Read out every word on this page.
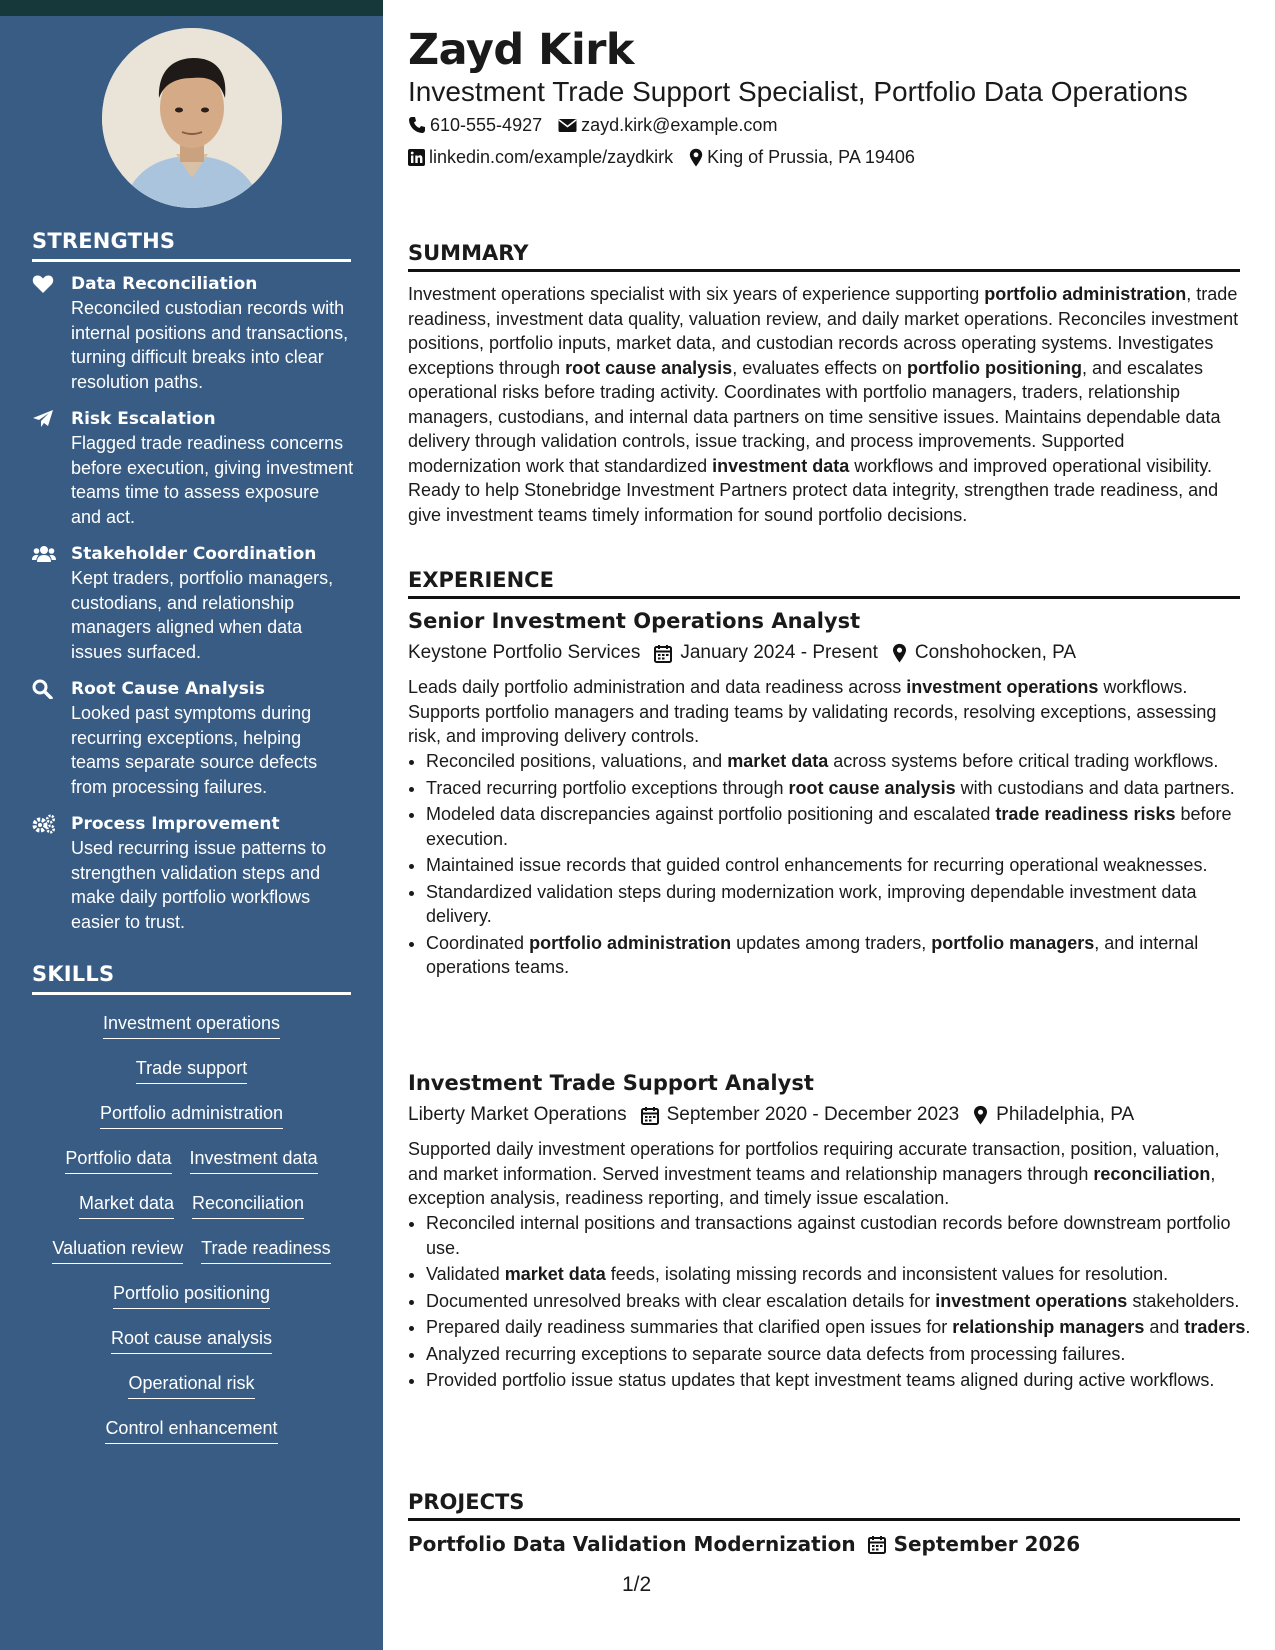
STRENGTHS
Data Reconciliation
Reconciled custodian records with internal positions and transactions, turning difficult breaks into clear resolution paths.
Risk Escalation
Flagged trade readiness concerns before execution, giving investment teams time to assess exposure and act.
Stakeholder Coordination
Kept traders, portfolio managers, custodians, and relationship managers aligned when data issues surfaced.
Root Cause Analysis
Looked past symptoms during recurring exceptions, helping teams separate source defects from processing failures.
Process Improvement
Used recurring issue patterns to strengthen validation steps and make daily portfolio workflows easier to trust.
SKILLS
Investment operations
Trade support
Portfolio administration
Portfolio data Investment data
Market data Reconciliation
Valuation review Trade readiness
Portfolio positioning
Root cause analysis
Operational risk
Control enhancement
Zayd Kirk
Investment Trade Support Specialist, Portfolio Data Operations
610-555-4927 zayd.kirk@example.com
linkedin.com/example/zaydkirk King of Prussia, PA 19406
SUMMARY
Investment operations specialist with six years of experience supporting portfolio administration, trade readiness, investment data quality, valuation review, and daily market operations. Reconciles investment positions, portfolio inputs, market data, and custodian records across operating systems. Investigates exceptions through root cause analysis, evaluates effects on portfolio positioning, and escalates operational risks before trading activity. Coordinates with portfolio managers, traders, relationship managers, custodians, and internal data partners on time sensitive issues. Maintains dependable data delivery through validation controls, issue tracking, and process improvements. Supported modernization work that standardized investment data workflows and improved operational visibility. Ready to help Stonebridge Investment Partners protect data integrity, strengthen trade readiness, and give investment teams timely information for sound portfolio decisions.
EXPERIENCE
Senior Investment Operations Analyst
Keystone Portfolio Services January 2024 - Present Conshohocken, PA
Leads daily portfolio administration and data readiness across investment operations workflows. Supports portfolio managers and trading teams by validating records, resolving exceptions, assessing risk, and improving delivery controls.
• Reconciled positions, valuations, and market data across systems before critical trading workflows.
• Traced recurring portfolio exceptions through root cause analysis with custodians and data partners.
• Modeled data discrepancies against portfolio positioning and escalated trade readiness risks before execution.
• Maintained issue records that guided control enhancements for recurring operational weaknesses.
• Standardized validation steps during modernization work, improving dependable investment data delivery.
• Coordinated portfolio administration updates among traders, portfolio managers, and internal operations teams.
Investment Trade Support Analyst
Liberty Market Operations September 2020 - December 2023 Philadelphia, PA
Supported daily investment operations for portfolios requiring accurate transaction, position, valuation, and market information. Served investment teams and relationship managers through reconciliation, exception analysis, readiness reporting, and timely issue escalation.
• Reconciled internal positions and transactions against custodian records before downstream portfolio use.
• Validated market data feeds, isolating missing records and inconsistent values for resolution.
• Documented unresolved breaks with clear escalation details for investment operations stakeholders.
• Prepared daily readiness summaries that clarified open issues for relationship managers and traders.
• Analyzed recurring exceptions to separate source data defects from processing failures.
• Provided portfolio issue status updates that kept investment teams aligned during active workflows.
PROJECTS
Portfolio Data Validation Modernization September 2026
1/2
